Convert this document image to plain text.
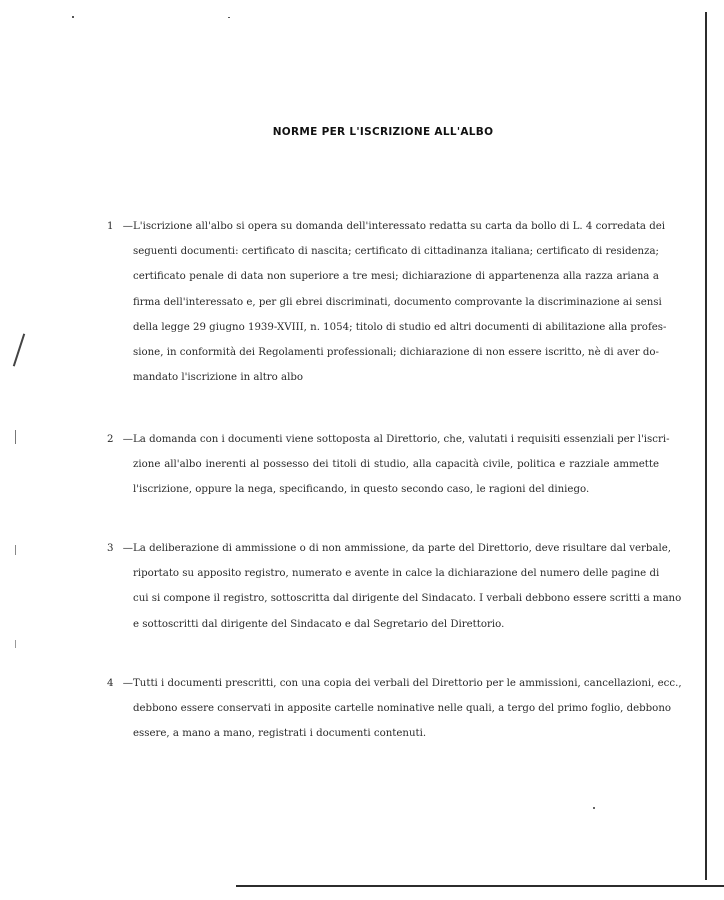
NORME PER L'ISCRIZIONE ALL'ALBO
1 —L'iscrizione all'albo si opera su domanda dell'interessato redatta su carta da bollo di L. 4 corredata dei
seguenti documenti: certificato di nascita; certificato di cittadinanza italiana; certificato di residenza;
certificato penale di data non superiore a tre mesi; dichiarazione di appartenenza alla razza ariana a
firma dell'interessato e, per gli ebrei discriminati, documento comprovante la discriminazione ai sensi
della legge 29 giugno 1939-XVIII, n. 1054; titolo di studio ed altri documenti di abilitazione alla profes-
sione, in conformità dei Regolamenti professionali; dichiarazione di non essere iscritto, nè di aver do-
mandato l'iscrizione in altro albo
2 —La domanda con i documenti viene sottoposta al Direttorio, che, valutati i requisiti essenziali per l'iscri-
zione all'albo inerenti al possesso dei titoli di studio, alla capacità civile, politica e razziale ammette
l'iscrizione, oppure la nega, specificando, in questo secondo caso, le ragioni del diniego.
3 —La deliberazione di ammissione o di non ammissione, da parte del Direttorio, deve risultare dal verbale,
riportato su apposito registro, numerato e avente in calce la dichiarazione del numero delle pagine di
cui si compone il registro, sottoscritta dal dirigente del Sindacato. I verbali debbono essere scritti a mano
e sottoscritti dal dirigente del Sindacato e dal Segretario del Direttorio.
4 —Tutti i documenti prescritti, con una copia dei verbali del Direttorio per le ammissioni, cancellazioni, ecc.,
debbono essere conservati in apposite cartelle nominative nelle quali, a tergo del primo foglio, debbono
essere, a mano a mano, registrati i documenti contenuti.
